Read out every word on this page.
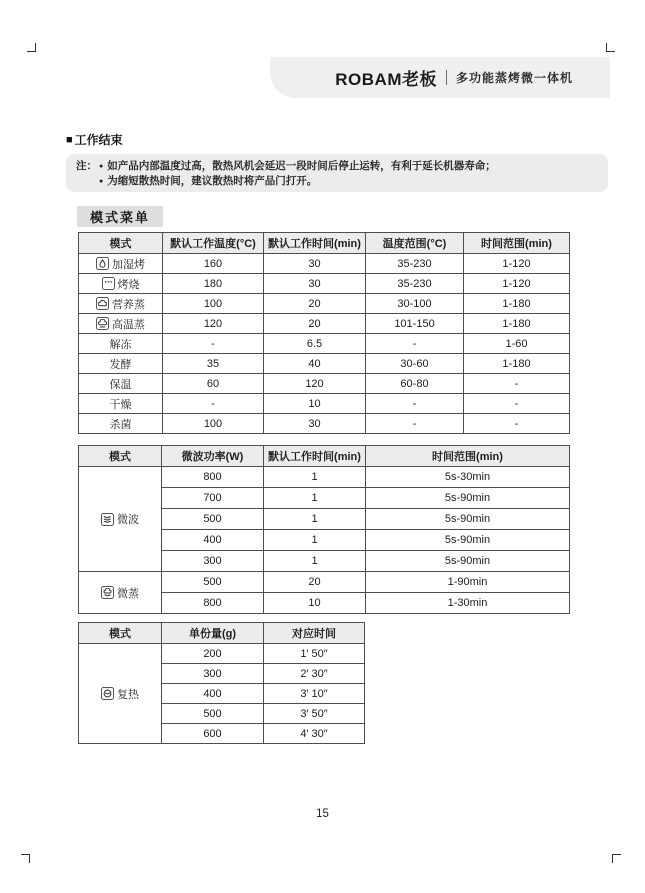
ROBAM老板 多功能蒸烤微一体机
■ 工作结束
注： ● 如产品内部温度过高，散热风机会延迟一段时间后停止运转，有利于延长机器寿命；
● 为缩短散热时间，建议散热时将产品门打开。
模式菜单
模式	默认工作温度(°C)	默认工作时间(min)	温度范围(°C)	时间范围(min)

加湿烤	160	30	35-230	1-120

烤烧	180	30	35-230	1-120

营养蒸	100	20	30-100	1-180

高温蒸	120	20	101-150	1-180
解冻	-	6.5	-	1-60
发酵	35	40	30-60	1-180
保温	60	120	60-80	-
干燥	-	10	-	-
杀菌	100	30	-	-
模式	微波功率(W)	默认工作时间(min)	时间范围(min)

微波	800	1	5s-30min
	700	1	5s-90min
	500	1	5s-90min
	400	1	5s-90min
	300	1	5s-90min

微蒸	500	20	1-90min
	800	10	1-30min
模式	单份量(g)	对应时间

复热	200	1′ 50″
	300	2′ 30″
	400	3′ 10″
	500	3′ 50″
	600	4′ 30″
15
